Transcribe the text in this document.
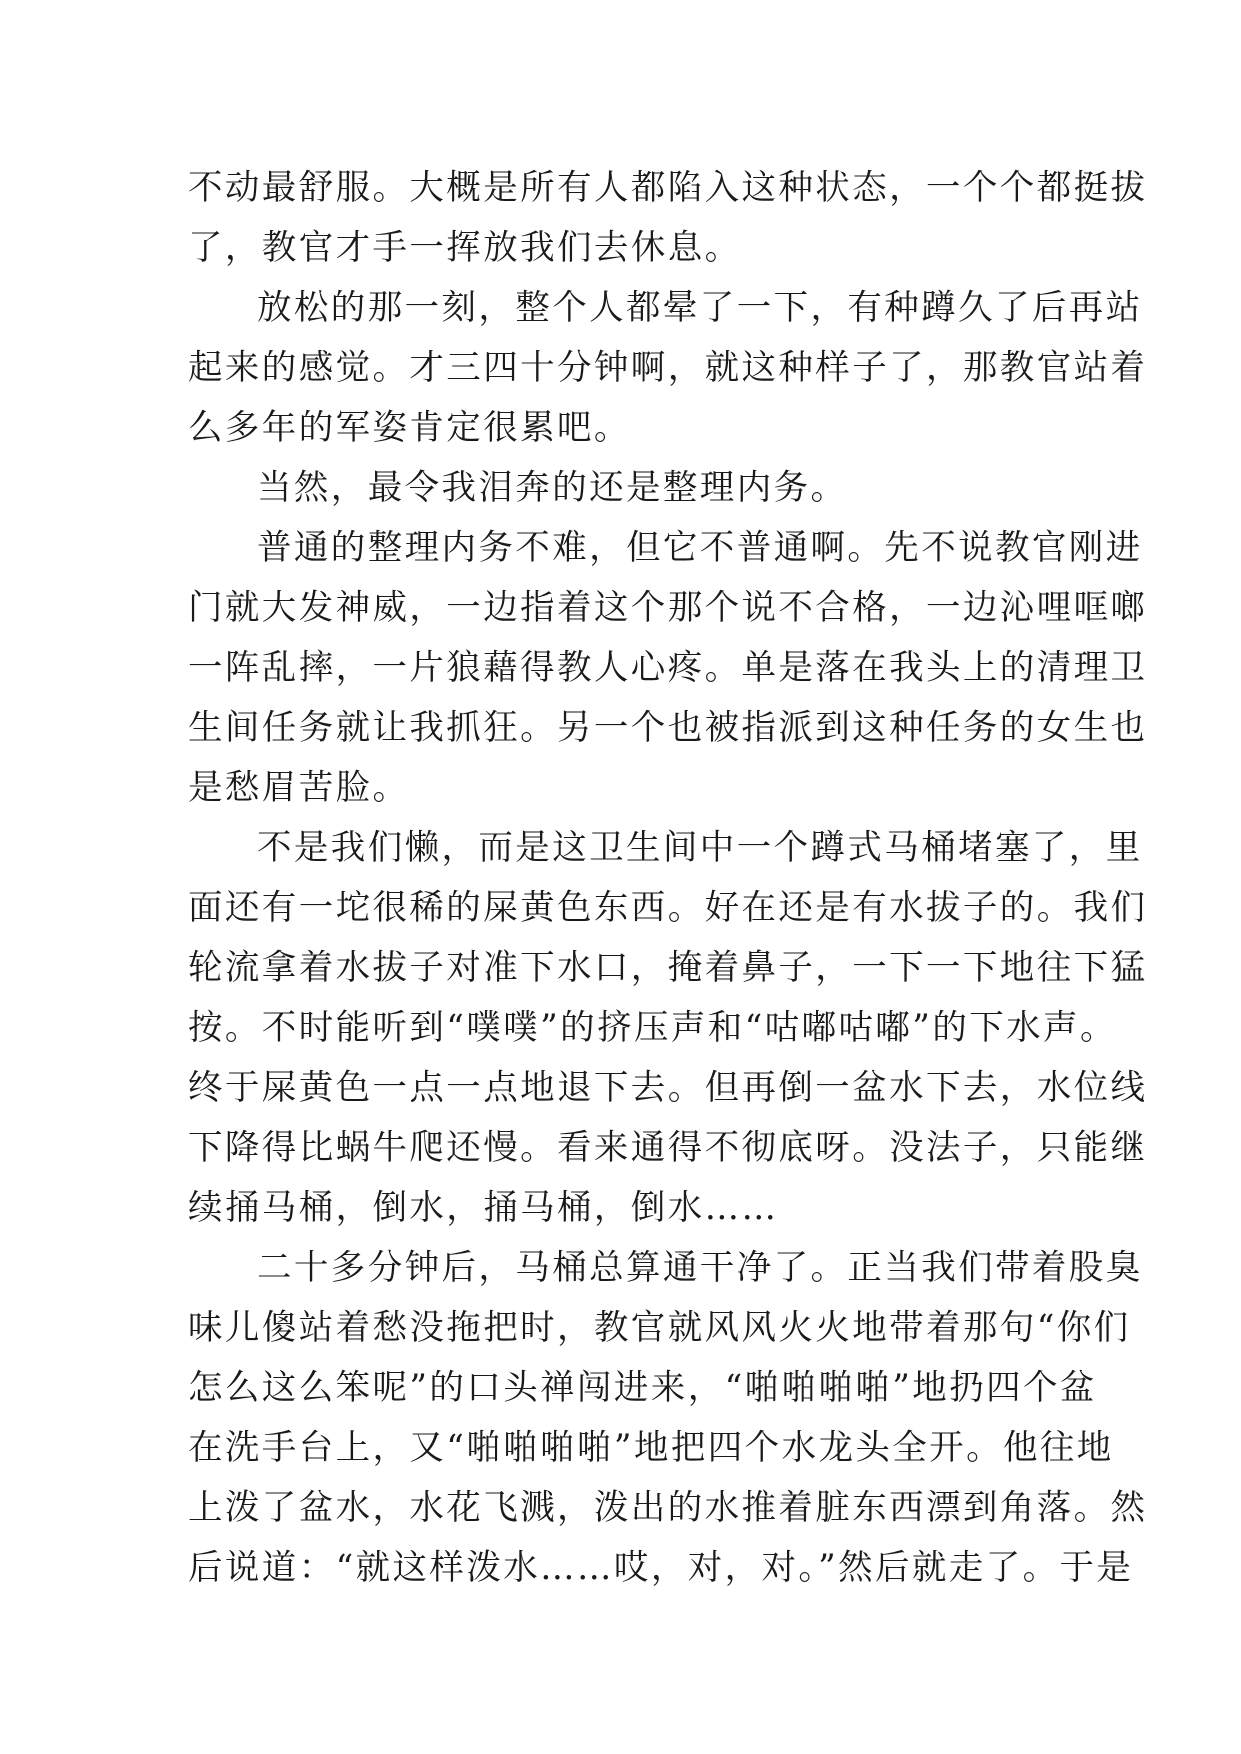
不动最舒服。大概是所有人都陷入这种状态，一个个都挺拔
了，教官才手一挥放我们去休息。
放松的那一刻，整个人都晕了一下，有种蹲久了后再站
起来的感觉。才三四十分钟啊，就这种样子了，那教官站着
么多年的军姿肯定很累吧。
当然，最令我泪奔的还是整理内务。
普通的整理内务不难，但它不普通啊。先不说教官刚进
门就大发神威，一边指着这个那个说不合格，一边沁哩哐啷
一阵乱摔，一片狼藉得教人心疼。单是落在我头上的清理卫
生间任务就让我抓狂。另一个也被指派到这种任务的女生也
是愁眉苦脸。
不是我们懒，而是这卫生间中一个蹲式马桶堵塞了，里
面还有一坨很稀的屎黄色东西。好在还是有水拔子的。我们
轮流拿着水拔子对准下水口，掩着鼻子，一下一下地往下猛
按。不时能听到“噗噗”的挤压声和“咕嘟咕嘟”的下水声。
终于屎黄色一点一点地退下去。但再倒一盆水下去，水位线
下降得比蜗牛爬还慢。看来通得不彻底呀。没法子，只能继
续捅马桶，倒水，捅马桶，倒水……
二十多分钟后，马桶总算通干净了。正当我们带着股臭
味儿傻站着愁没拖把时，教官就风风火火地带着那句“你们
怎么这么笨呢”的口头禅闯进来，“啪啪啪啪”地扔四个盆
在洗手台上，又“啪啪啪啪”地把四个水龙头全开。他往地
上泼了盆水，水花飞溅，泼出的水推着脏东西漂到角落。然
后说道：“就这样泼水……哎，对，对。”然后就走了。于是
